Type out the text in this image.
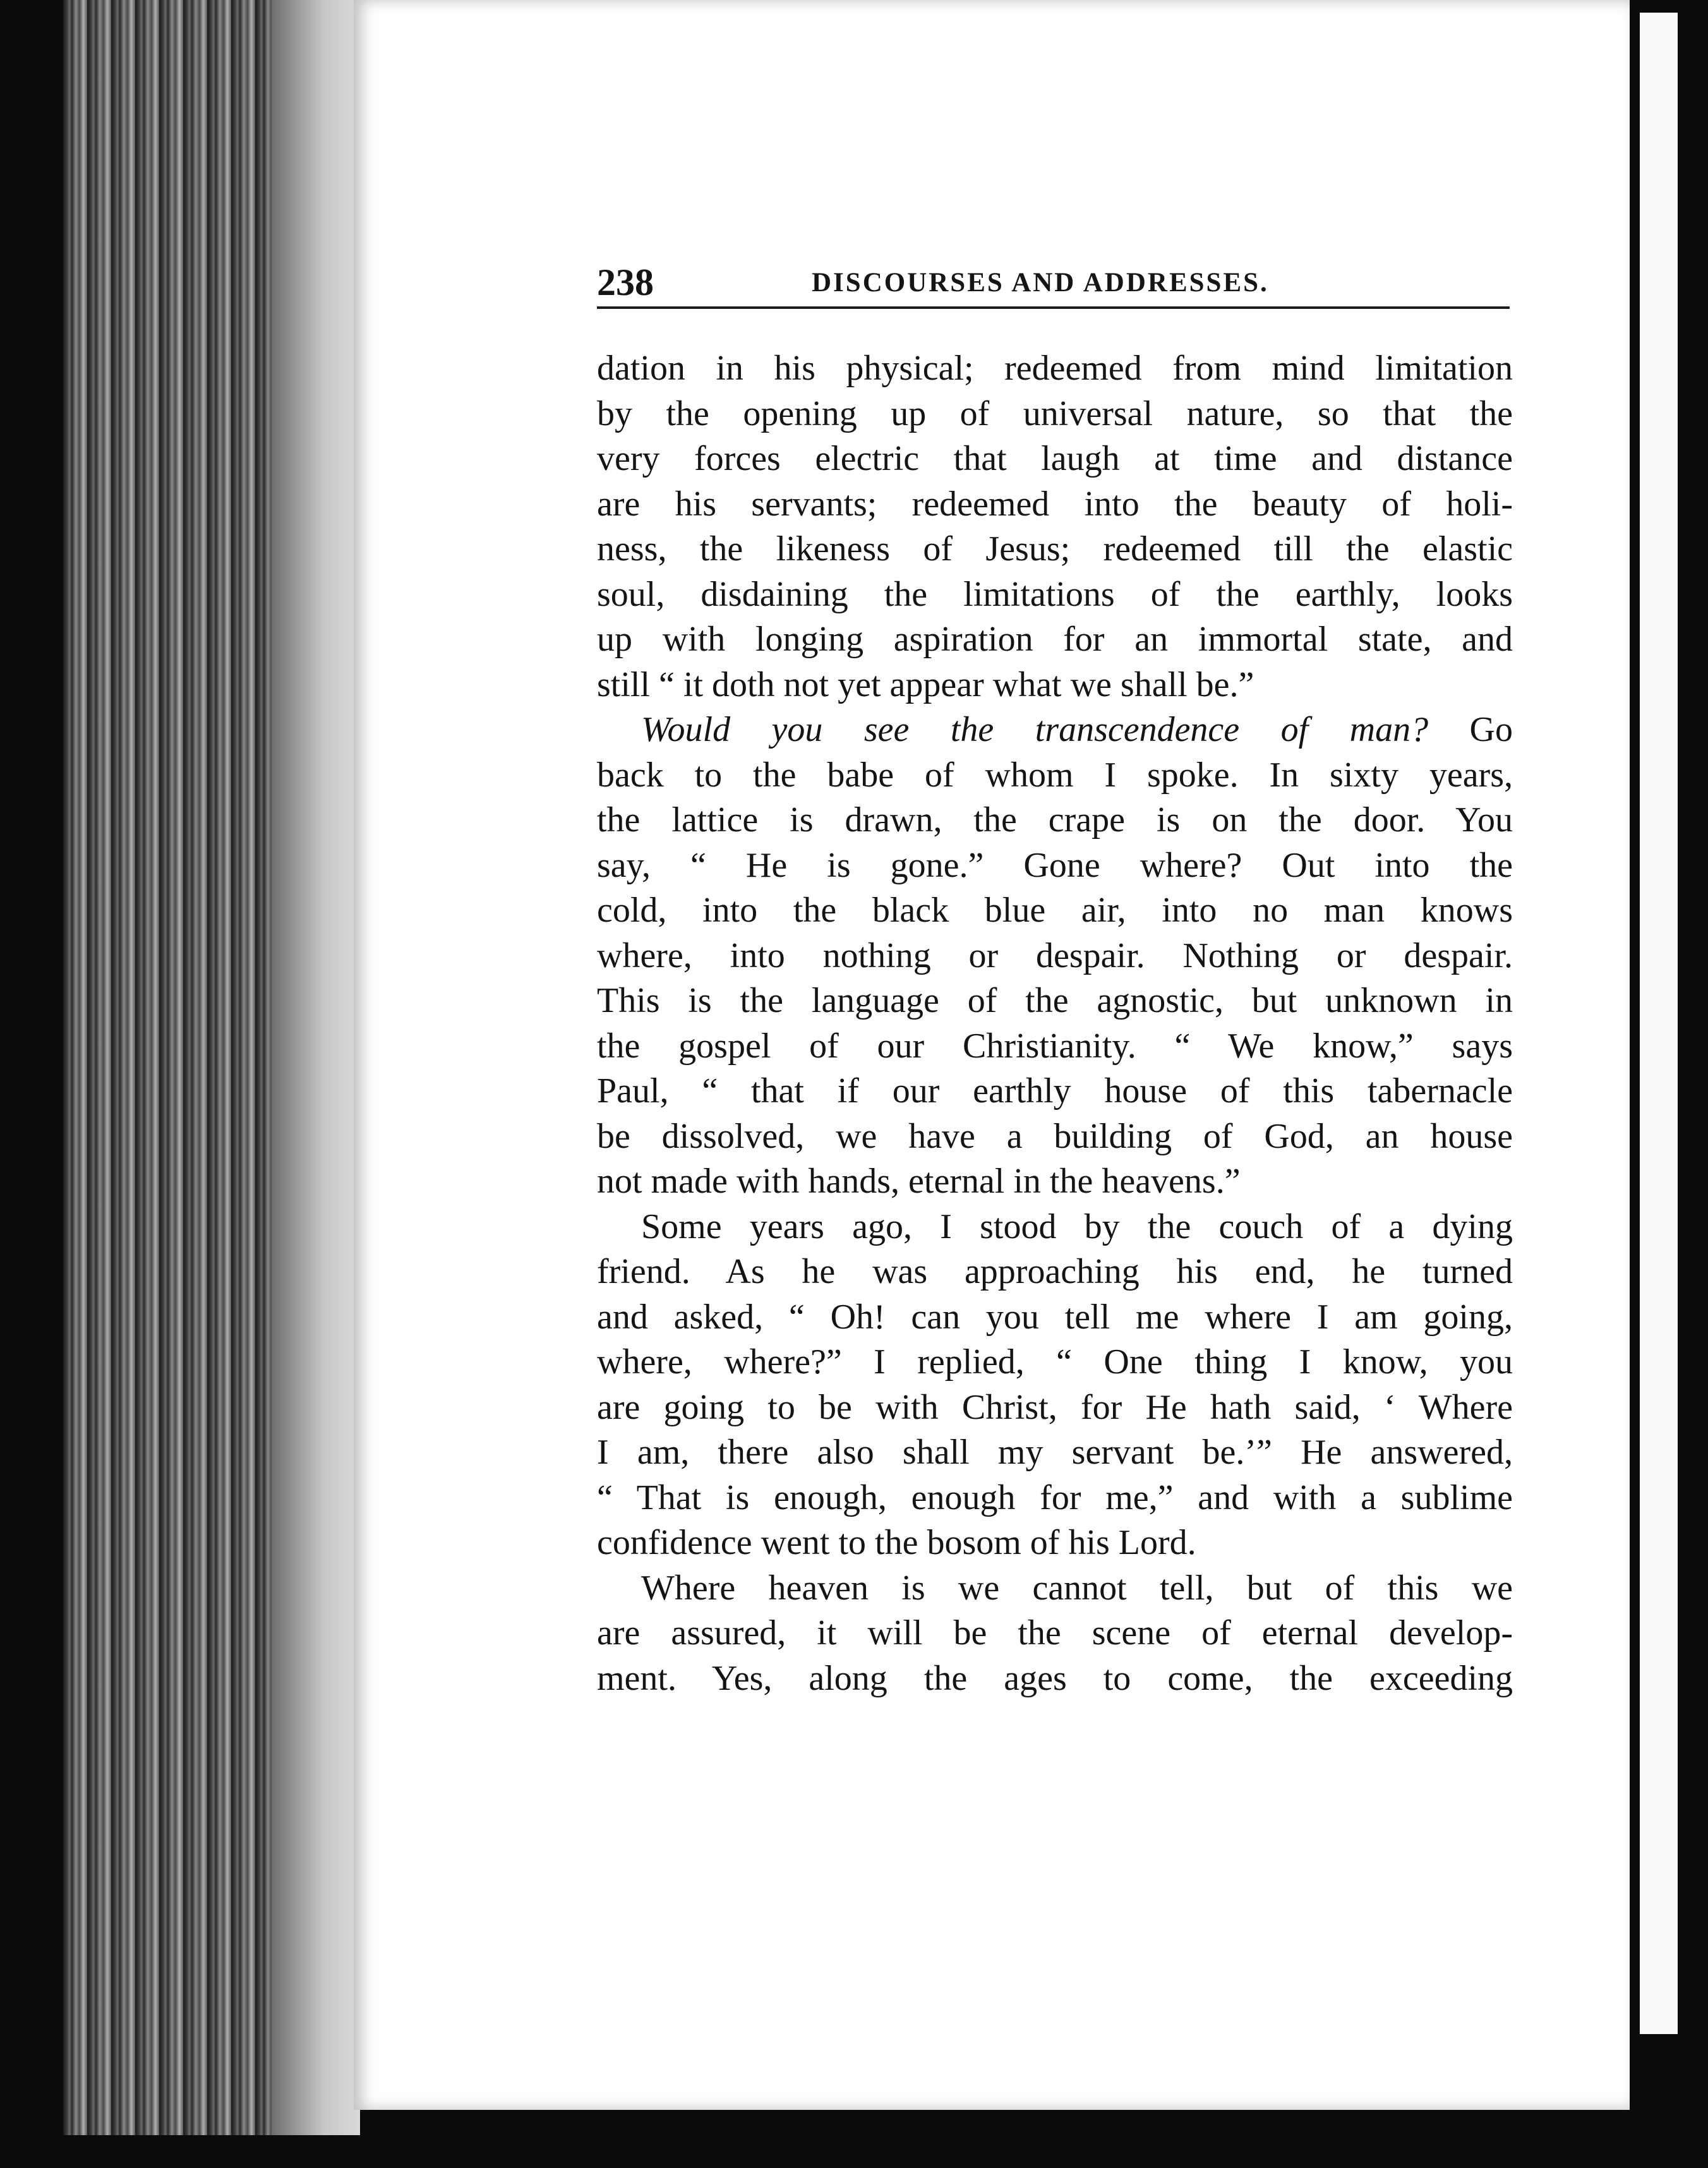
238	DISCOURSES AND ADDRESSES.
dation in his physical; redeemed from mind limitation
by the opening up of universal nature, so that the
very forces electric that laugh at time and distance
are his servants; redeemed into the beauty of holi-
ness, the likeness of Jesus; redeemed till the elastic
soul, disdaining the limitations of the earthly, looks
up with longing aspiration for an immortal state, and
still “ it doth not yet appear what we shall be.”
Would you see the transcendence of man? Go
back to the babe of whom I spoke. In sixty years,
the lattice is drawn, the crape is on the door. You
say, “ He is gone.” Gone where? Out into the
cold, into the black blue air, into no man knows
where, into nothing or despair. Nothing or despair.
This is the language of the agnostic, but unknown in
the gospel of our Christianity. “ We know,” says
Paul, “ that if our earthly house of this tabernacle
be dissolved, we have a building of God, an house
not made with hands, eternal in the heavens.”
Some years ago, I stood by the couch of a dying
friend. As he was approaching his end, he turned
and asked, “ Oh! can you tell me where I am going,
where, where?” I replied, “ One thing I know, you
are going to be with Christ, for He hath said, ‘ Where
I am, there also shall my servant be.’” He answered,
“ That is enough, enough for me,” and with a sublime
confidence went to the bosom of his Lord.
Where heaven is we cannot tell, but of this we
are assured, it will be the scene of eternal develop-
ment. Yes, along the ages to come, the exceeding
